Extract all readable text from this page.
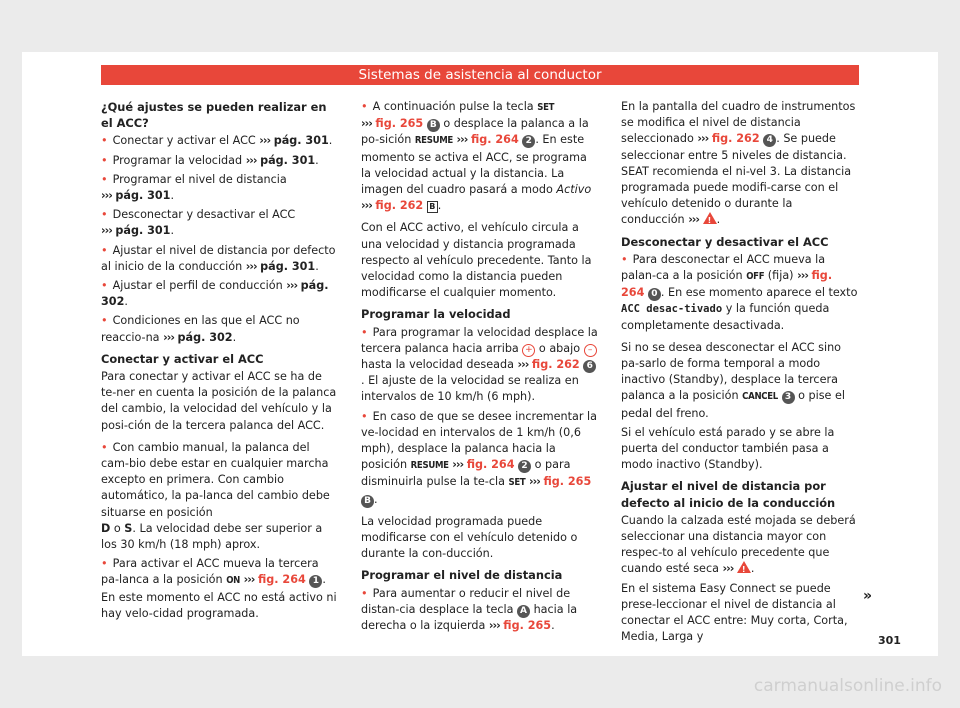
Sistemas de asistencia al conductor
¿Qué ajustes se pueden realizar en el ACC?

• Conectar y activar el ACC ››› pág. 301.

• Programar la velocidad ››› pág. 301.

• Programar el nivel de distancia
››› pág. 301.

• Desconectar y desactivar el ACC
››› pág. 301.

• Ajustar el nivel de distancia por defecto al inicio de la conducción ››› pág. 301.

• Ajustar el perfil de conducción ››› pág. 302.

• Condiciones en las que el ACC no reaccio-na ››› pág. 302.

Conectar y activar el ACC

Para conectar y activar el ACC se ha de te-ner en cuenta la posición de la palanca del cambio, la velocidad del vehículo y la posi-ción de la tercera palanca del ACC.

• Con cambio manual, la palanca del cam-bio debe estar en cualquier marcha excepto en primera. Con cambio automático, la pa-lanca del cambio debe situarse en posición
D o S. La velocidad debe ser superior a los 30 km/h (18 mph) aprox.

• Para activar el ACC mueva la tercera pa-lanca a la posición ON ››› fig. 264 1 . En este momento el ACC no está activo ni hay velo-cidad programada.

• A continuación pulse la tecla SET
››› fig. 265 B o desplace la palanca a la po-sición RESUME ››› fig. 264 2 . En este momento se activa el ACC, se programa la velocidad actual y la distancia. La imagen del cuadro pasará a modo Activo ››› fig. 262 B .

Con el ACC activo, el vehículo circula a una velocidad y distancia programada respecto al vehículo precedente. Tanto la velocidad como la distancia pueden modificarse el cualquier momento.

Programar la velocidad

• Para programar la velocidad desplace la tercera palanca hacia arriba + o abajo – hasta la velocidad deseada ››› fig. 262 6 . El ajuste de la velocidad se realiza en intervalos de 10 km/h (6 mph).

• En caso de que se desee incrementar la ve-locidad en intervalos de 1 km/h (0,6 mph), desplace la palanca hacia la posición RESUME ››› fig. 264 2 o para disminuirla pulse la te-cla SET ››› fig. 265 B .

La velocidad programada puede modificarse con el vehículo detenido o durante la con-ducción.

Programar el nivel de distancia

• Para aumentar o reducir el nivel de distan-cia desplace la tecla A hacia la derecha o la izquierda ››› fig. 265.

En la pantalla del cuadro de instrumentos se modifica el nivel de distancia seleccionado ››› fig. 262 4 . Se puede seleccionar entre 5 niveles de distancia. SEAT recomienda el ni-vel 3. La distancia programada puede modifi-carse con el vehículo detenido o durante la conducción ››› ! .

Desconectar y desactivar el ACC

• Para desconectar el ACC mueva la palan-ca a la posición OFF (fija) ››› fig. 264 0 . En ese momento aparece el texto ACC desac-tivado y la función queda completamente desactivada.

Si no se desea desconectar el ACC sino pa-sarlo de forma temporal a modo inactivo (Standby), desplace la tercera palanca a la posición CANCEL 3 o pise el pedal del freno.

Si el vehículo está parado y se abre la puerta del conductor también pasa a modo inactivo (Standby).

Ajustar el nivel de distancia por defecto al inicio de la conducción

Cuando la calzada esté mojada se deberá seleccionar una distancia mayor con respec-to al vehículo precedente que cuando esté seca ››› ! .

En el sistema Easy Connect se puede prese-leccionar el nivel de distancia al conectar el ACC entre: Muy corta, Corta, Media, Larga y

»
301
carmanualsonline.info
